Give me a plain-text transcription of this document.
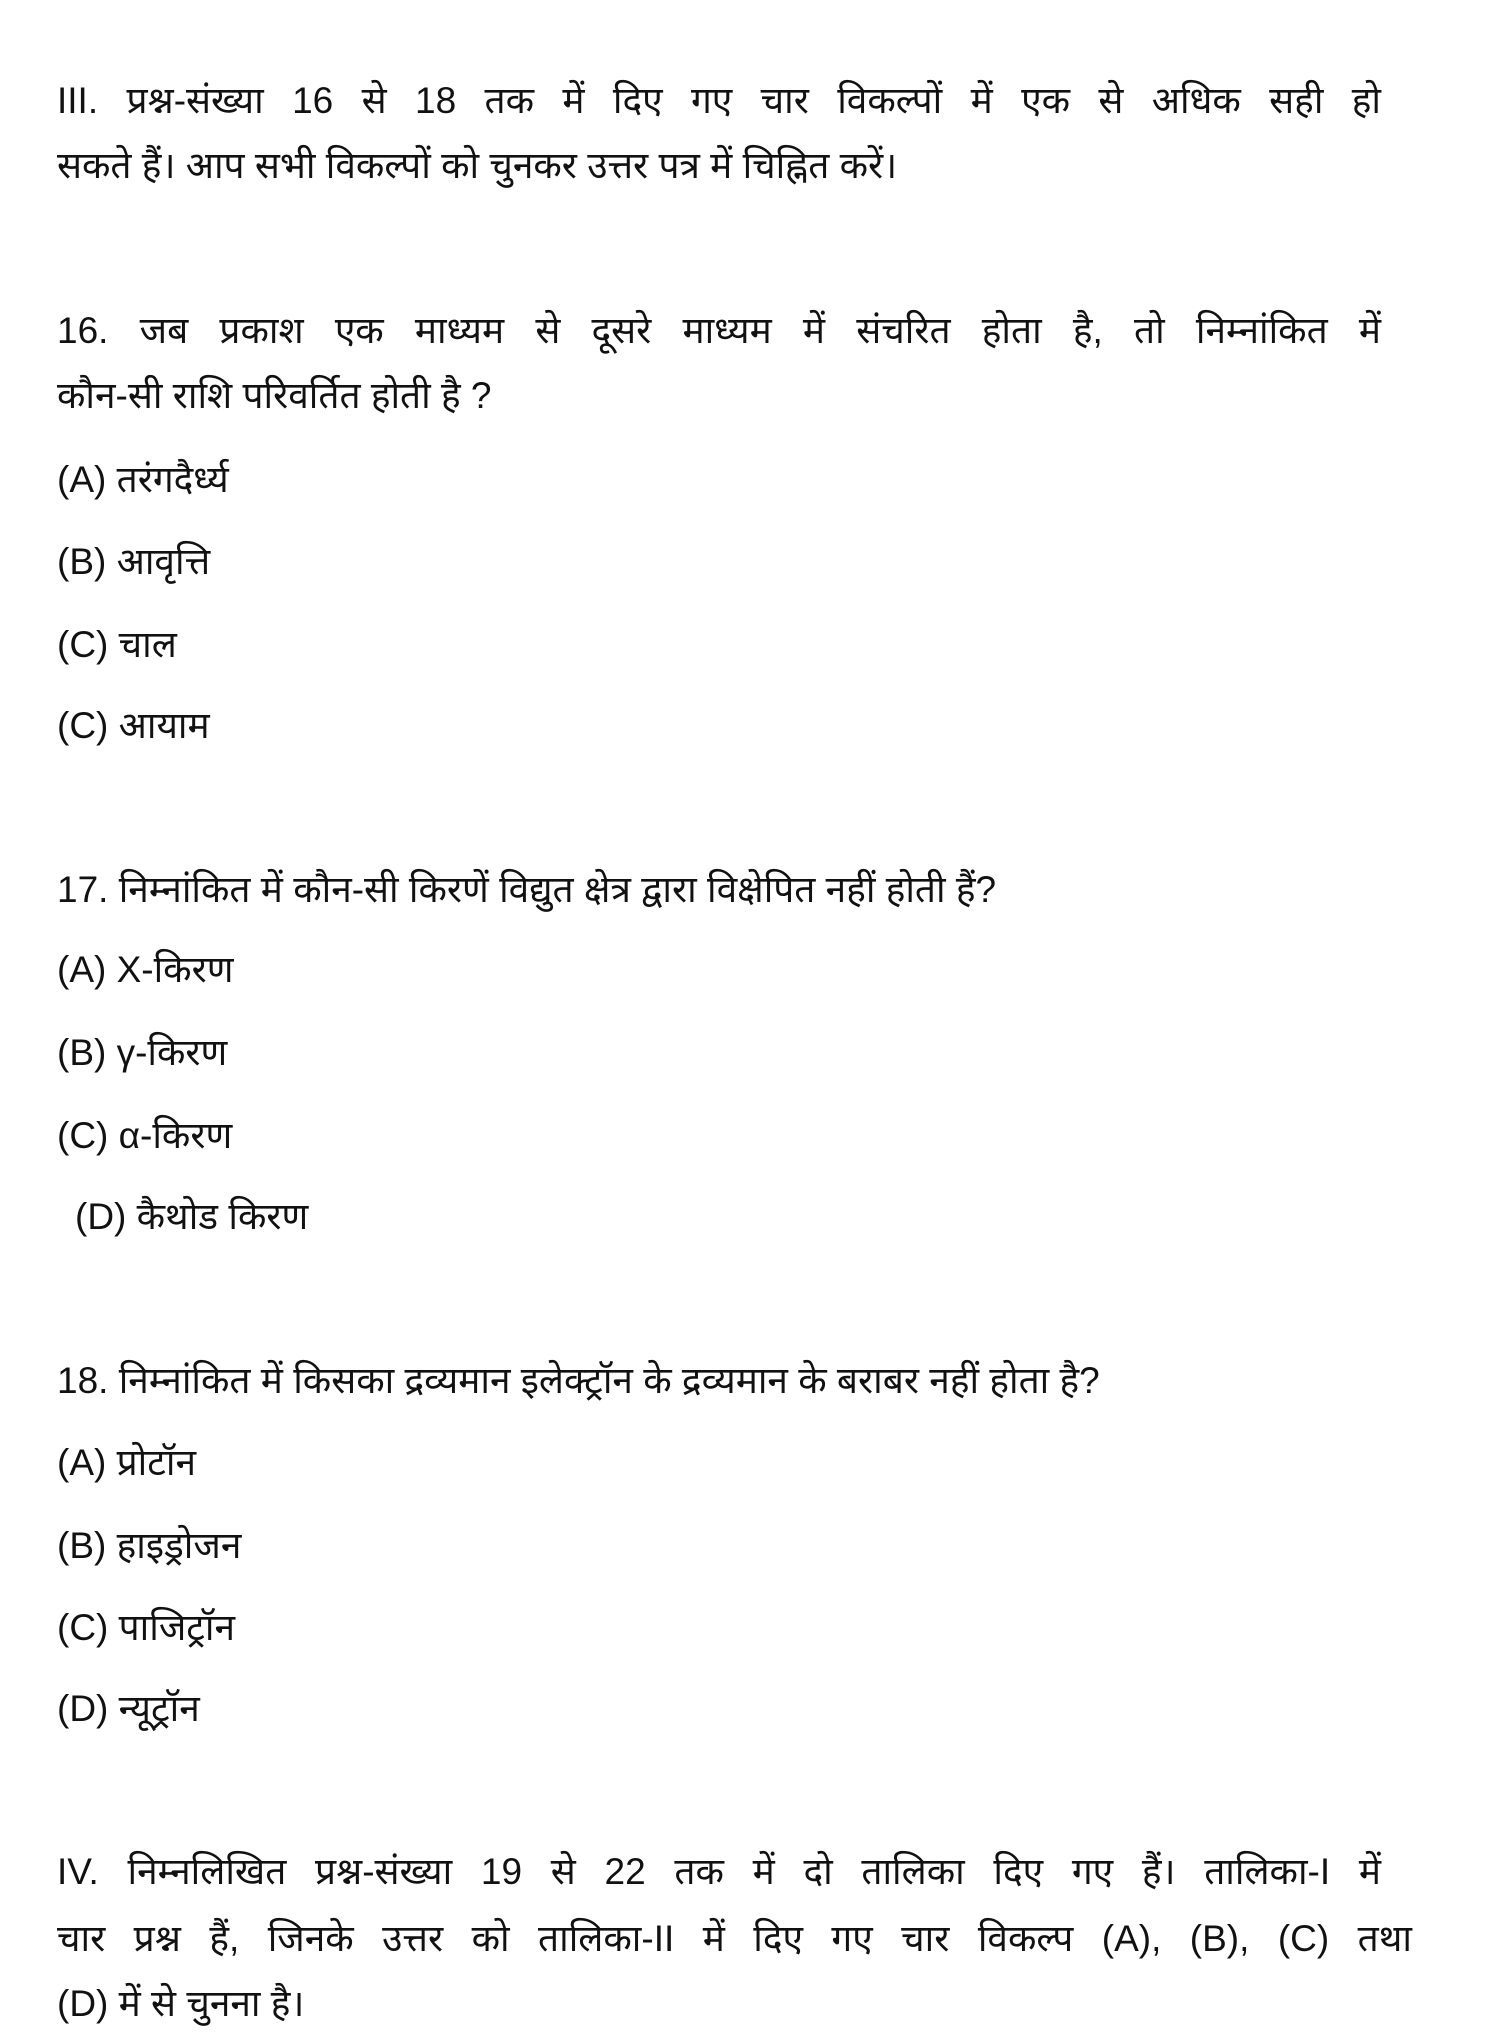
III. प्रश्न-संख्या 16 से 18 तक में दिए गए चार विकल्पों में एक से अधिक सही हो
सकते हैं। आप सभी विकल्पों को चुनकर उत्तर पत्र में चिह्नित करें।
16. जब प्रकाश एक माध्यम से दूसरे माध्यम में संचरित होता है, तो निम्नांकित में
कौन-सी राशि परिवर्तित होती है ?
(A) तरंगदैर्ध्य
(B) आवृत्ति
(C) चाल
(C) आयाम
17. निम्नांकित में कौन-सी किरणें विद्युत क्षेत्र द्वारा विक्षेपित नहीं होती हैं?
(A) X-किरण
(B) γ-किरण
(C) α-किरण
(D) कैथोड किरण
18. निम्नांकित में किसका द्रव्यमान इलेक्ट्रॉन के द्रव्यमान के बराबर नहीं होता है?
(A) प्रोटॉन
(B) हाइड्रोजन
(C) पाजिट्रॉन
(D) न्यूट्रॉन
IV. निम्नलिखित प्रश्न-संख्या 19 से 22 तक में दो तालिका दिए गए हैं। तालिका-I में
चार प्रश्न हैं, जिनके उत्तर को तालिका-II में दिए गए चार विकल्प (A), (B), (C) तथा
(D) में से चुनना है।
